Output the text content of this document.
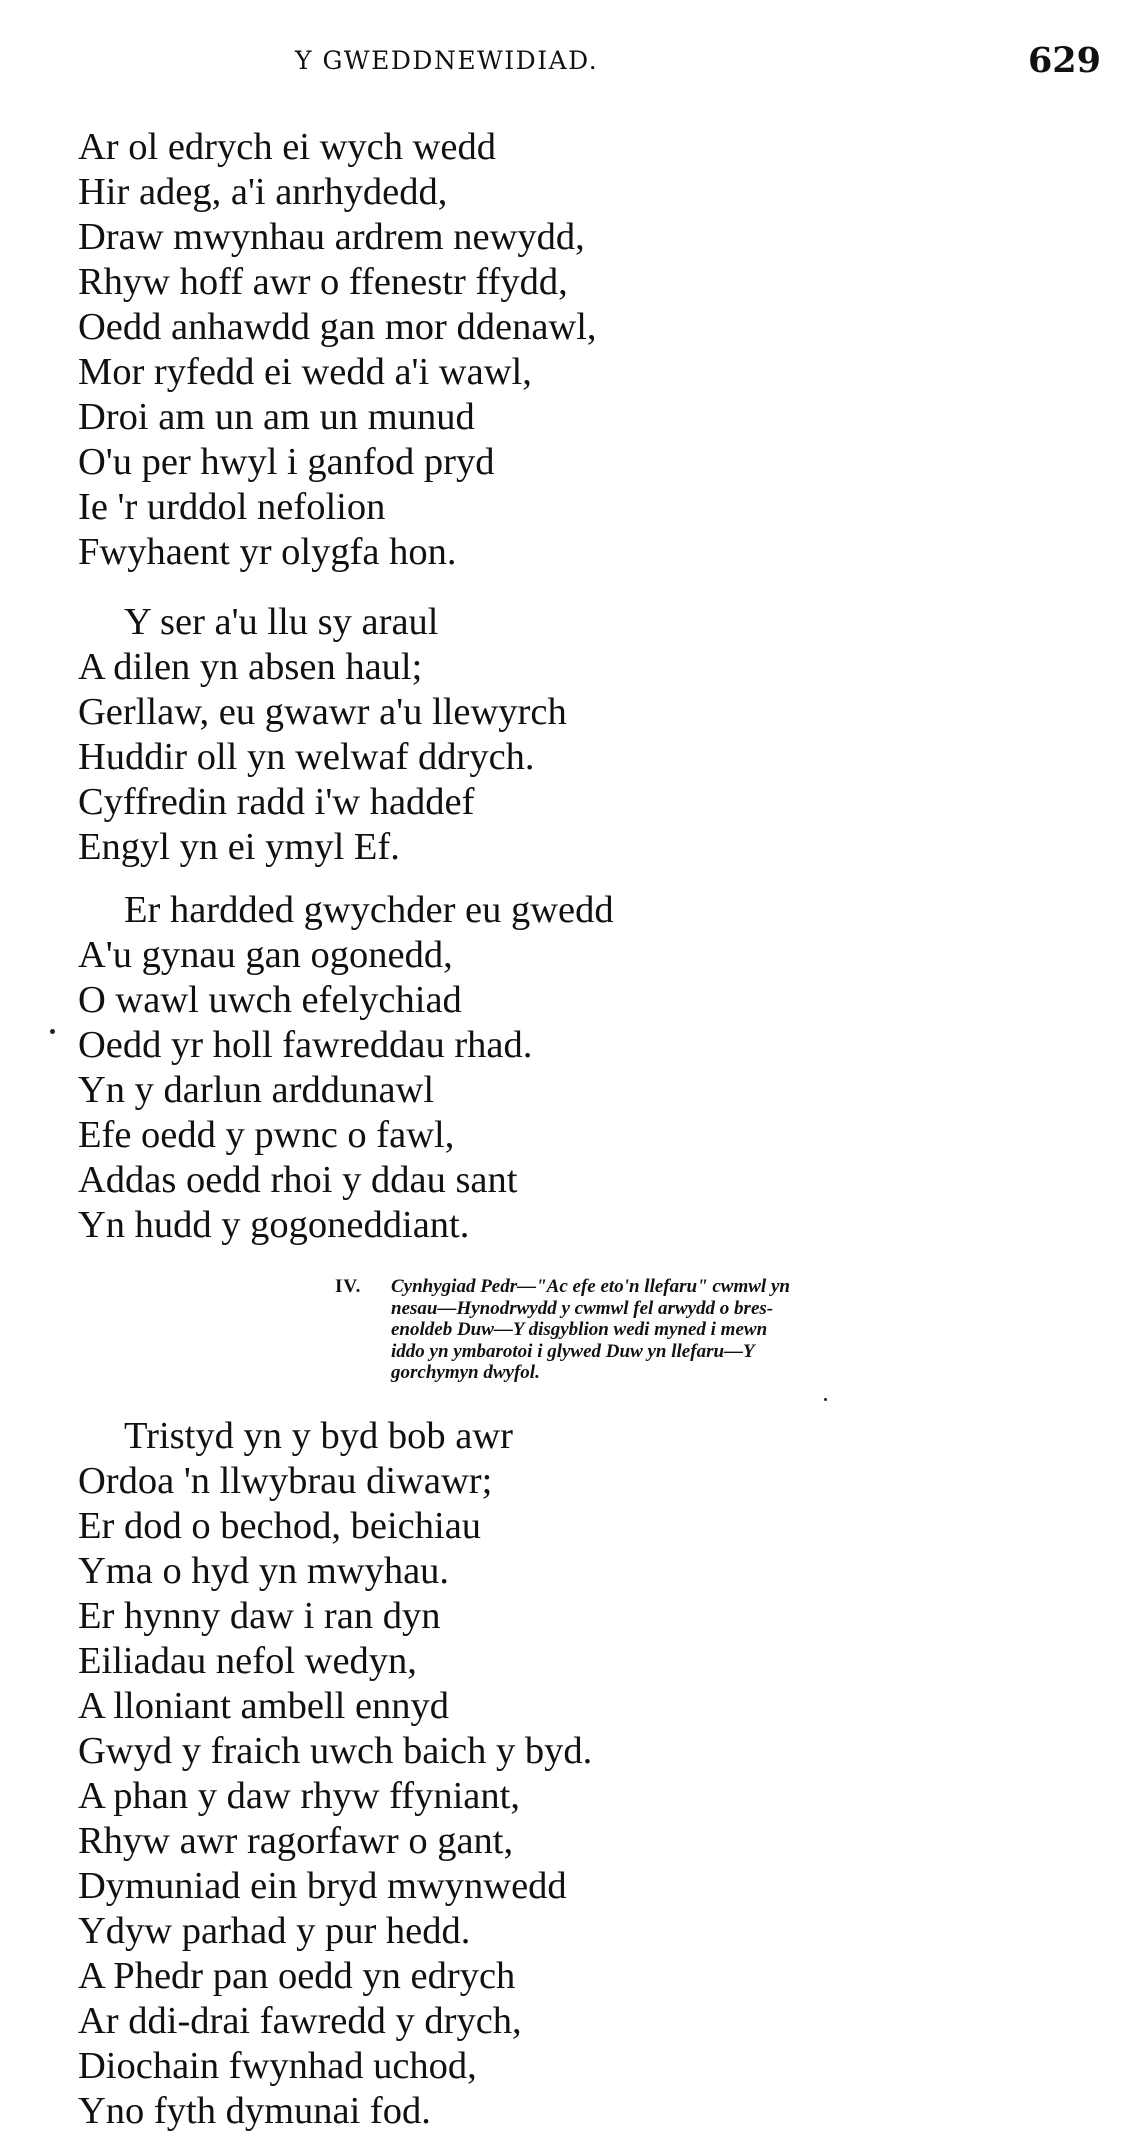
Y GWEDDNEWIDIAD.	629
Ar ol edrych ei wych wedd
Hir adeg, a'i anrhydedd,
Draw mwynhau ardrem newydd,
Rhyw hoff awr o ffenestr ffydd,
Oedd anhawdd gan mor ddenawl,
Mor ryfedd ei wedd a'i wawl,
Droi am un am un munud
O'u per hwyl i ganfod pryd
Ie 'r urddol nefolion
Fwyhaent yr olygfa hon.
Y ser a'u llu sy araul
A dilen yn absen haul;
Gerllaw, eu gwawr a'u llewyrch
Huddir oll yn welwaf ddrych.
Cyffredin radd i'w haddef
Engyl yn ei ymyl Ef.
Er hardded gwychder eu gwedd
A'u gynau gan ogonedd,
O wawl uwch efelychiad
Oedd yr holl fawreddau rhad.
Yn y darlun arddunawl
Efe oedd y pwnc o fawl,
Addas oedd rhoi y ddau sant
Yn hudd y gogoneddiant.
IV. Cynhygiad Pedr—"Ac efe eto'n llefaru" cwmwl yn
nesau—Hynodrwydd y cwmwl fel arwydd o bres-
enoldeb Duw—Y disgyblion wedi myned i mewn
iddo yn ymbarotoi i glywed Duw yn llefaru—Y
gorchymyn dwyfol.
Tristyd yn y byd bob awr
Ordoa 'n llwybrau diwawr;
Er dod o bechod, beichiau
Yma o hyd yn mwyhau.
Er hynny daw i ran dyn
Eiliadau nefol wedyn,
A lloniant ambell ennyd
Gwyd y fraich uwch baich y byd.
A phan y daw rhyw ffyniant,
Rhyw awr ragorfawr o gant,
Dymuniad ein bryd mwynwedd
Ydyw parhad y pur hedd.
A Phedr pan oedd yn edrych
Ar ddi-drai fawredd y drych,
Diochain fwynhad uchod,
Yno fyth dymunai fod.
